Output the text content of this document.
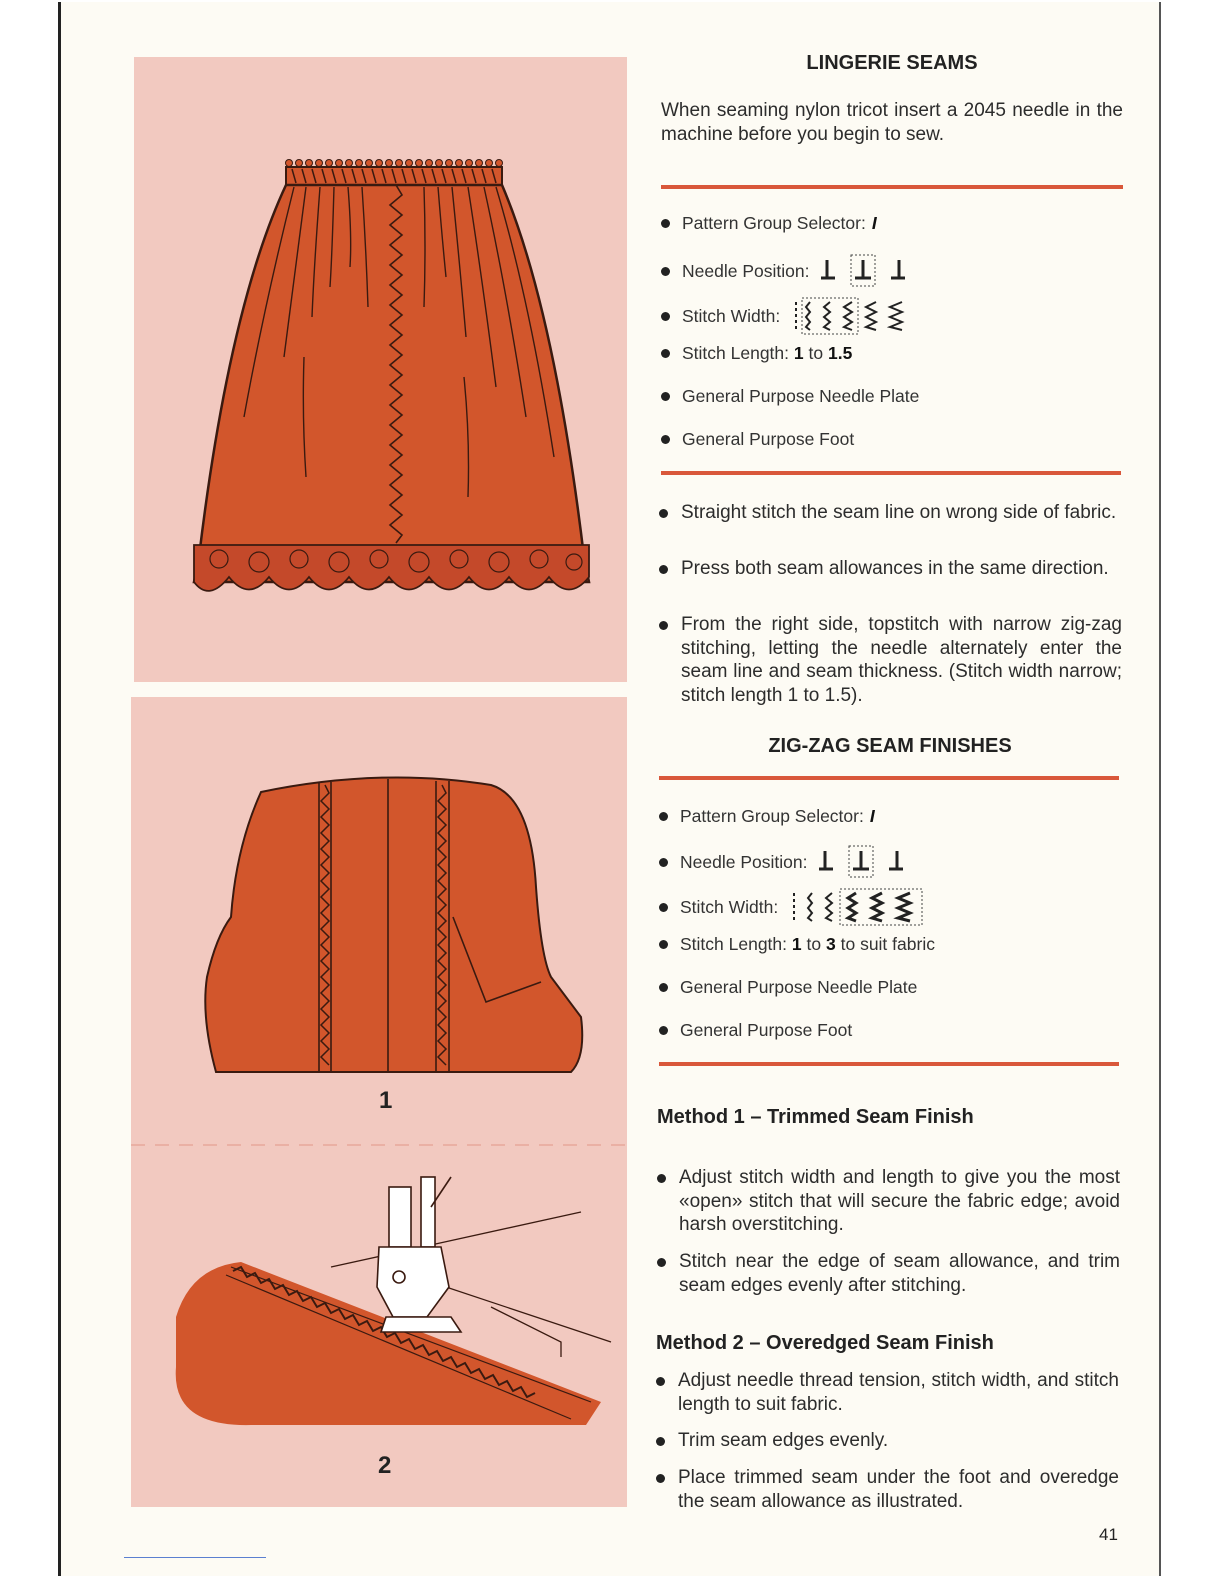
1
2
LINGERIE SEAMS
When seaming nylon tricot insert a 2045 needle in the machine before you begin to sew.
Pattern Group Selector: I
Needle Position:
Stitch Width:
Stitch Length:
1
to
1.5
General Purpose Needle Plate
General Purpose Foot
Straight stitch the seam line on wrong side of fabric.
Press both seam allowances in the same direction.
From the right side, topstitch with narrow zig-zag stitching, letting the needle alternately enter the seam line and seam thickness. (Stitch width narrow; stitch length 1 to 1.5).
ZIG-ZAG SEAM FINISHES
Pattern Group Selector: I
Needle Position:
Stitch Width:
Stitch Length:
1
to
3
to suit fabric
General Purpose Needle Plate
General Purpose Foot
Method 1 – Trimmed Seam Finish
Adjust stitch width and length to give you the most «open» stitch that will secure the fabric edge; avoid harsh overstitching.
Stitch near the edge of seam allowance, and trim seam edges evenly after stitching.
Method 2 – Overedged Seam Finish
Adjust needle thread tension, stitch width, and stitch length to suit fabric.
Trim seam edges evenly.
Place trimmed seam under the foot and overedge the seam allowance as illustrated.
41
